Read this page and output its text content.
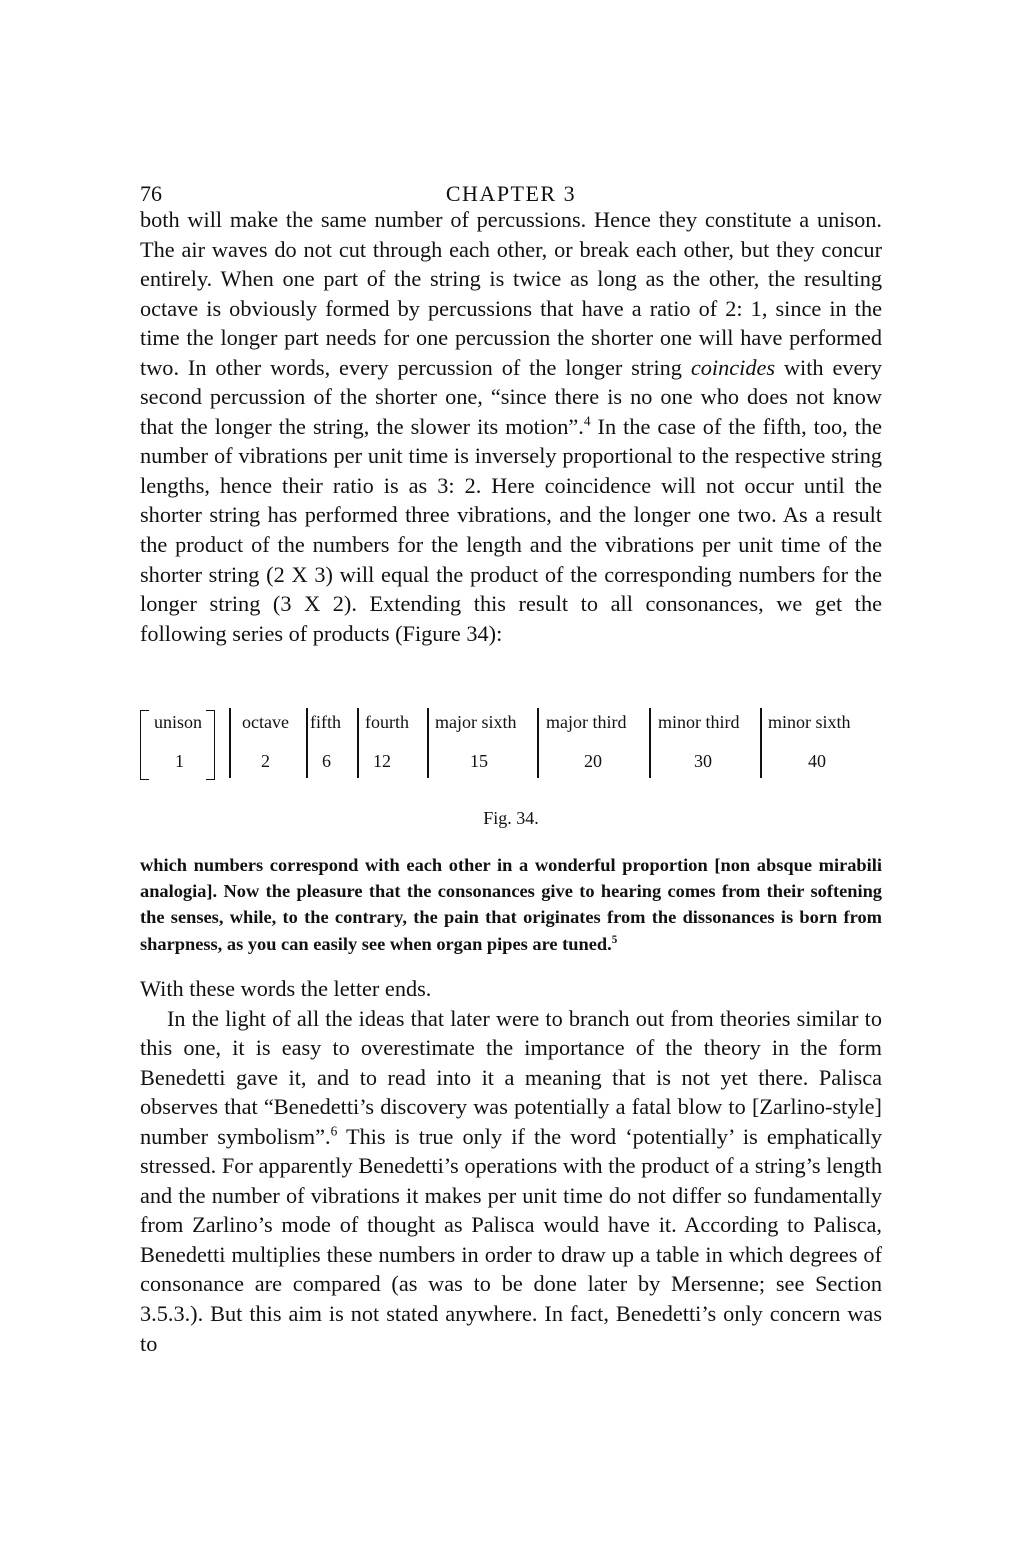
76	CHAPTER 3

both will make the same number of percussions. Hence they constitute a unison. The air waves do not cut through each other, or break each other, but they concur entirely. When one part of the string is twice as long as the other, the resulting octave is obviously formed by percussions that have a ratio of 2: 1, since in the time the longer part needs for one percussion the shorter one will have performed two. In other words, every percussion of the longer string coincides with every second percussion of the shorter one, “since there is no one who does not know that the longer the string, the slower its motion”.$^4$ In the case of the fifth, too, the number of vibrations per unit time is inversely proportional to the respective string lengths, hence their ratio is as 3: 2. Here coincidence will not occur until the shorter string has performed three vibrations, and the longer one two. As a result the product of the numbers for the length and the vibrations per unit time of the shorter string (2 X 3) will equal the product of the corresponding numbers for the longer string (3 X 2). Extending this result to all consonances, we get the following series of products (Figure 34):

unison
1
octave
2
fifth
6
fourth
12
major sixth
15
major third
20
minor third
30
minor sixth
40
Fig. 34.

which numbers correspond with each other in a wonderful proportion [non absque mirabili analogia]. Now the pleasure that the consonances give to hearing comes from their softening the senses, while, to the contrary, the pain that originates from the dissonances is born from sharpness, as you can easily see when organ pipes are tuned.$^5$

With these words the letter ends.

In the light of all the ideas that later were to branch out from theories similar to this one, it is easy to overestimate the importance of the theory in the form Benedetti gave it, and to read into it a meaning that is not yet there. Palisca observes that “Benedetti’s discovery was potentially a fatal blow to [Zarlino-style] number symbolism”.$^6$ This is true only if the word ‘potentially’ is emphatically stressed. For apparently Benedetti’s operations with the product of a string’s length and the number of vibrations it makes per unit time do not differ so fundamentally from Zarlino’s mode of thought as Palisca would have it. According to Palisca, Benedetti multiplies these numbers in order to draw up a table in which degrees of consonance are compared (as was to be done later by Mersenne; see Section 3.5.3.). But this aim is not stated anywhere. In fact, Benedetti’s only concern was to
